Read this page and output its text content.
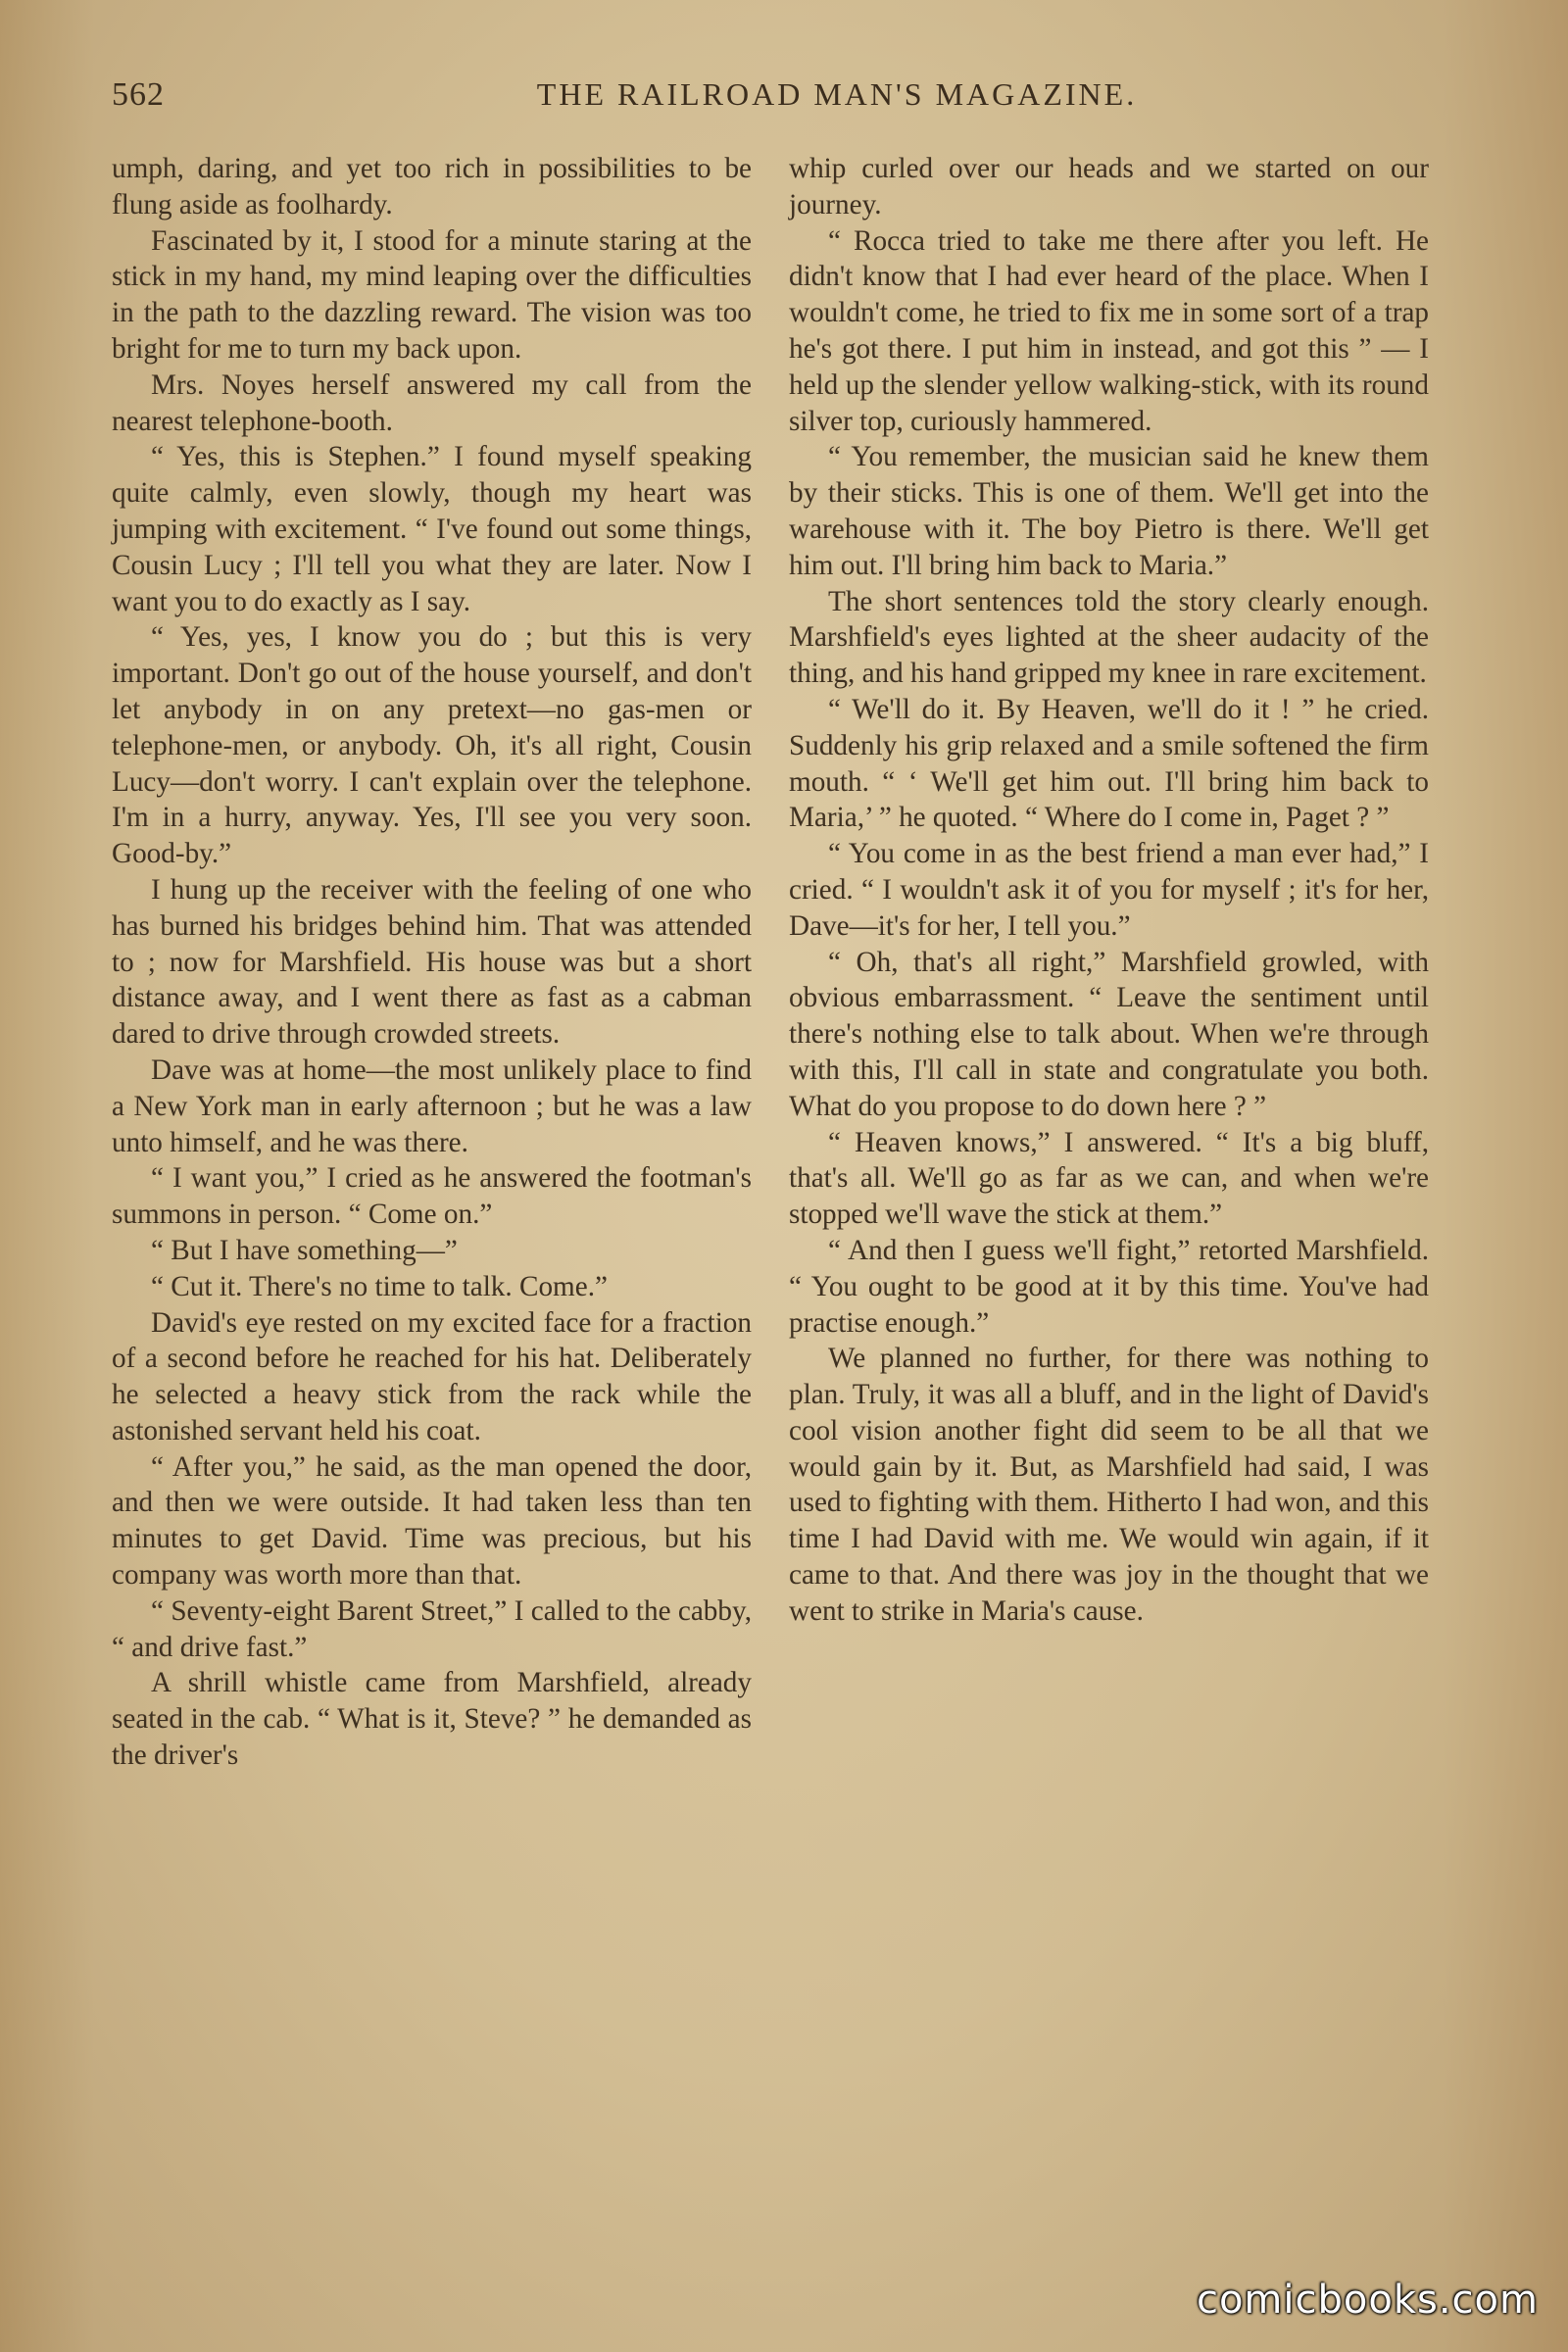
562	THE RAILROAD MAN'S MAGAZINE.

umph, daring, and yet too rich in possibilities to be flung aside as foolhardy.

Fascinated by it, I stood for a minute staring at the stick in my hand, my mind leaping over the difficulties in the path to the dazzling reward. The vision was too bright for me to turn my back upon.

Mrs. Noyes herself answered my call from the nearest telephone-booth.

“ Yes, this is Stephen.” I found myself speaking quite calmly, even slowly, though my heart was jumping with excitement. “ I've found out some things, Cousin Lucy ; I'll tell you what they are later. Now I want you to do exactly as I say.

“ Yes, yes, I know you do ; but this is very important. Don't go out of the house yourself, and don't let anybody in on any pretext—no gas-men or telephone-men, or anybody. Oh, it's all right, Cousin Lucy—don't worry. I can't explain over the telephone. I'm in a hurry, anyway. Yes, I'll see you very soon. Good-by.”

I hung up the receiver with the feeling of one who has burned his bridges behind him. That was attended to ; now for Marshfield. His house was but a short distance away, and I went there as fast as a cabman dared to drive through crowded streets.

Dave was at home—the most unlikely place to find a New York man in early afternoon ; but he was a law unto himself, and he was there.

“ I want you,” I cried as he answered the footman's summons in person. “ Come on.”

“ But I have something—”

“ Cut it. There's no time to talk. Come.”

David's eye rested on my excited face for a fraction of a second before he reached for his hat. Deliberately he selected a heavy stick from the rack while the astonished servant held his coat.

“ After you,” he said, as the man opened the door, and then we were outside. It had taken less than ten minutes to get David. Time was precious, but his company was worth more than that.

“ Seventy-eight Barent Street,” I called to the cabby, “ and drive fast.”

A shrill whistle came from Marshfield, already seated in the cab. “ What is it, Steve? ” he demanded as the driver's

whip curled over our heads and we started on our journey.

“ Rocca tried to take me there after you left. He didn't know that I had ever heard of the place. When I wouldn't come, he tried to fix me in some sort of a trap he's got there. I put him in instead, and got this ” — I held up the slender yellow walking-stick, with its round silver top, curiously hammered.

“ You remember, the musician said he knew them by their sticks. This is one of them. We'll get into the warehouse with it. The boy Pietro is there. We'll get him out. I'll bring him back to Maria.”

The short sentences told the story clearly enough. Marshfield's eyes lighted at the sheer audacity of the thing, and his hand gripped my knee in rare excitement.

“ We'll do it. By Heaven, we'll do it ! ” he cried. Suddenly his grip relaxed and a smile softened the firm mouth. “ ‘ We'll get him out. I'll bring him back to Maria,’ ” he quoted. “ Where do I come in, Paget ? ”

“ You come in as the best friend a man ever had,” I cried. “ I wouldn't ask it of you for myself ; it's for her, Dave—it's for her, I tell you.”

“ Oh, that's all right,” Marshfield growled, with obvious embarrassment. “ Leave the sentiment until there's nothing else to talk about. When we're through with this, I'll call in state and congratulate you both. What do you propose to do down here ? ”

“ Heaven knows,” I answered. “ It's a big bluff, that's all. We'll go as far as we can, and when we're stopped we'll wave the stick at them.”

“ And then I guess we'll fight,” retorted Marshfield. “ You ought to be good at it by this time. You've had practise enough.”

We planned no further, for there was nothing to plan. Truly, it was all a bluff, and in the light of David's cool vision another fight did seem to be all that we would gain by it. But, as Marshfield had said, I was used to fighting with them. Hitherto I had won, and this time I had David with me. We would win again, if it came to that. And there was joy in the thought that we went to strike in Maria's cause.

comicbooks.com
